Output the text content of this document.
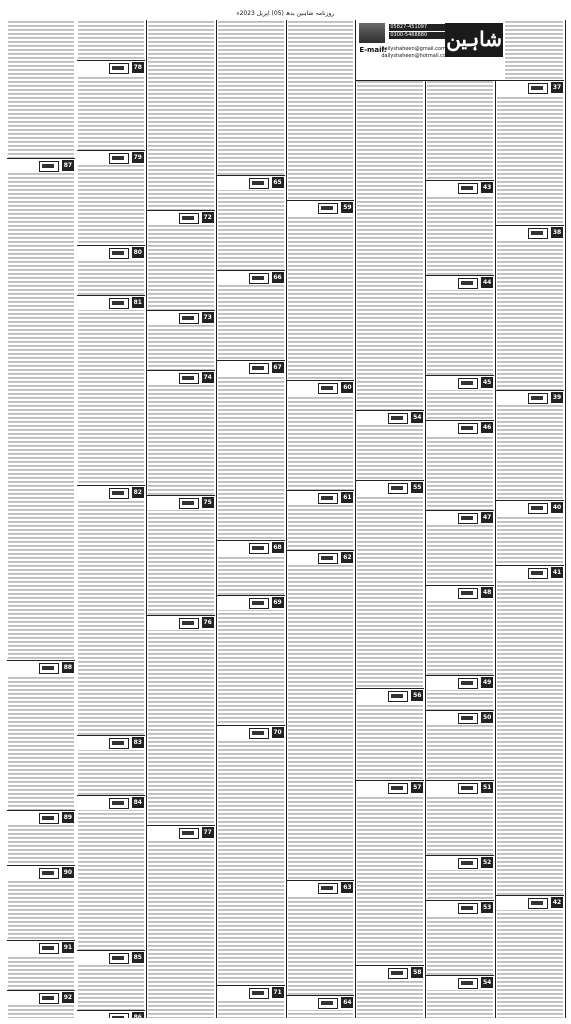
روزنامہ شاہین بدھ (05) اپریل 2023ء
37
38
39
40
41
42
43
44
45
46
47
48
49
50
51
52
53
54
شاہین
05827-451097
0300-5468880
E-mail:
dailyshaheen@gmail.com
dailyshaheen@hotmail.com
54
55
56
57
58
59
60
61
62
63
64
65
66
67
68
69
70
71
72
73
74
75
76
77
78
79
80
81
82
83
84
85
86
87
88
89
90
91
92
